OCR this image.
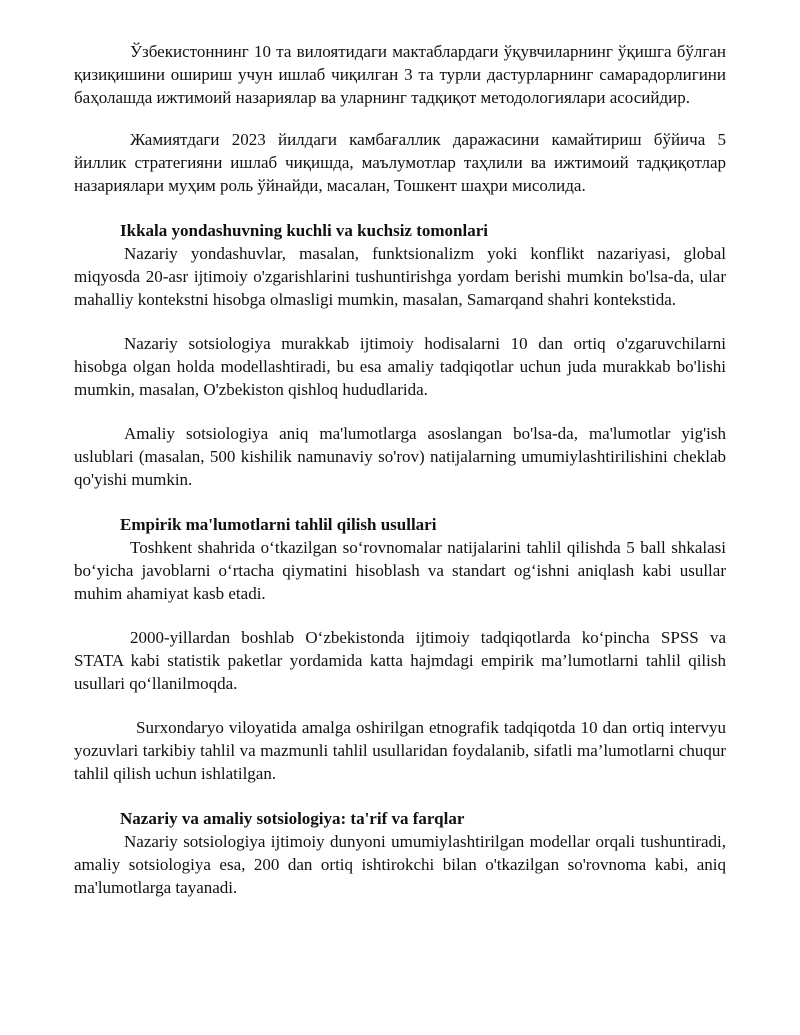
Ўзбекистоннинг 10 та вилоятидаги мактаблардаги ўқувчиларнинг ўқишга бўлган қизиқишини ошириш учун ишлаб чиқилган 3 та турли дастурларнинг самарадорлигини баҳолашда ижтимоий назариялар ва уларнинг тадқиқот методологиялари асосийдир.

Жамиятдаги 2023 йилдаги камбағаллик даражасини камайтириш бўйича 5 йиллик стратегияни ишлаб чиқишда, маълумотлар таҳлили ва ижтимоий тадқиқотлар назариялари муҳим роль ўйнайди, масалан, Тошкент шаҳри мисолида.

Ikkala yondashuvning kuchli va kuchsiz tomonlari

Nazariy yondashuvlar, masalan, funktsionalizm yoki konflikt nazariyasi, global miqyosda 20-asr ijtimoiy o'zgarishlarini tushuntirishga yordam berishi mumkin bo'lsa-da, ular mahalliy kontekstni hisobga olmasligi mumkin, masalan, Samarqand shahri kontekstida.

Nazariy sotsiologiya murakkab ijtimoiy hodisalarni 10 dan ortiq o'zgaruvchilarni hisobga olgan holda modellashtiradi, bu esa amaliy tadqiqotlar uchun juda murakkab bo'lishi mumkin, masalan, O'zbekiston qishloq hududlarida.

Amaliy sotsiologiya aniq ma'lumotlarga asoslangan bo'lsa-da, ma'lumotlar yig'ish uslublari (masalan, 500 kishilik namunaviy so'rov) natijalarning umumiylashtirilishini cheklab qo'yishi mumkin.

Empirik ma'lumotlarni tahlil qilish usullari

Toshkent shahrida o‘tkazilgan so‘rovnomalar natijalarini tahlil qilishda 5 ball shkalasi bo‘yicha javoblarni o‘rtacha qiymatini hisoblash va standart og‘ishni aniqlash kabi usullar muhim ahamiyat kasb etadi.

2000-yillardan boshlab O‘zbekistonda ijtimoiy tadqiqotlarda ko‘pincha SPSS va STATA kabi statistik paketlar yordamida katta hajmdagi empirik ma’lumotlarni tahlil qilish usullari qo‘llanilmoqda.

Surxondaryo viloyatida amalga oshirilgan etnografik tadqiqotda 10 dan ortiq intervyu yozuvlari tarkibiy tahlil va mazmunli tahlil usullaridan foydalanib, sifatli ma’lumotlarni chuqur tahlil qilish uchun ishlatilgan.

Nazariy va amaliy sotsiologiya: ta'rif va farqlar

Nazariy sotsiologiya ijtimoiy dunyoni umumiylashtirilgan modellar orqali tushuntiradi, amaliy sotsiologiya esa, 200 dan ortiq ishtirokchi bilan o'tkazilgan so'rovnoma kabi, aniq ma'lumotlarga tayanadi.
